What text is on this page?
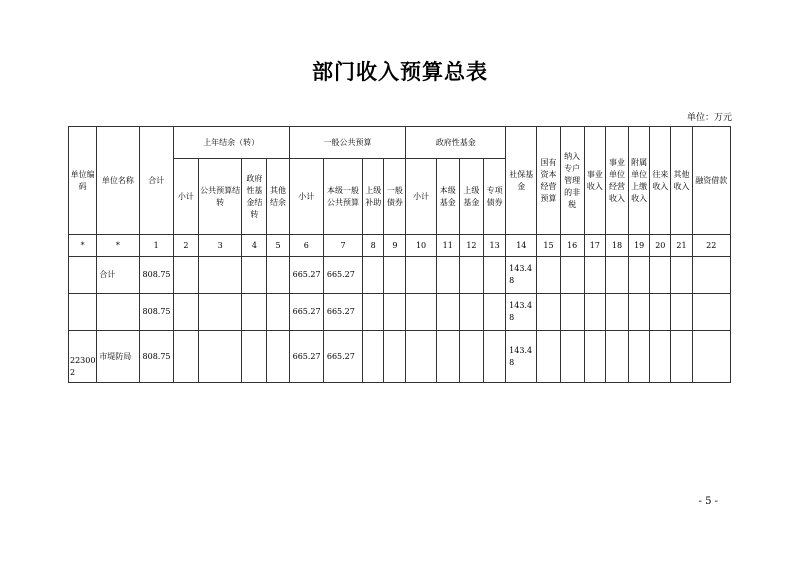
部门收入预算总表
单位：万元
单位编码	单位名称	合计	上年结余（转）				一般公共预算				政府性基金				社保基金	国有资本经营预算	纳入专户管理的非税	事业收入	事业单位经营收入	附属单位上缴收入	往来收入	其他收入	融资借款
			小计	公共预算结转	政府性基金结转	其他结余	小计	本级一般公共预算	上级补助	一般债券	小计	本级基金	上级基金	专项债券									
*	*	1	2	3	4	5	6	7	8	9	10	11	12	13	14	15	16	17	18	19	20	21	22
	合计	808.75					665.27	665.27							143.48								
		808.75					665.27	665.27							143.48								
223002	市堤防局	808.75					665.27	665.27							143.48								
- 5 -
